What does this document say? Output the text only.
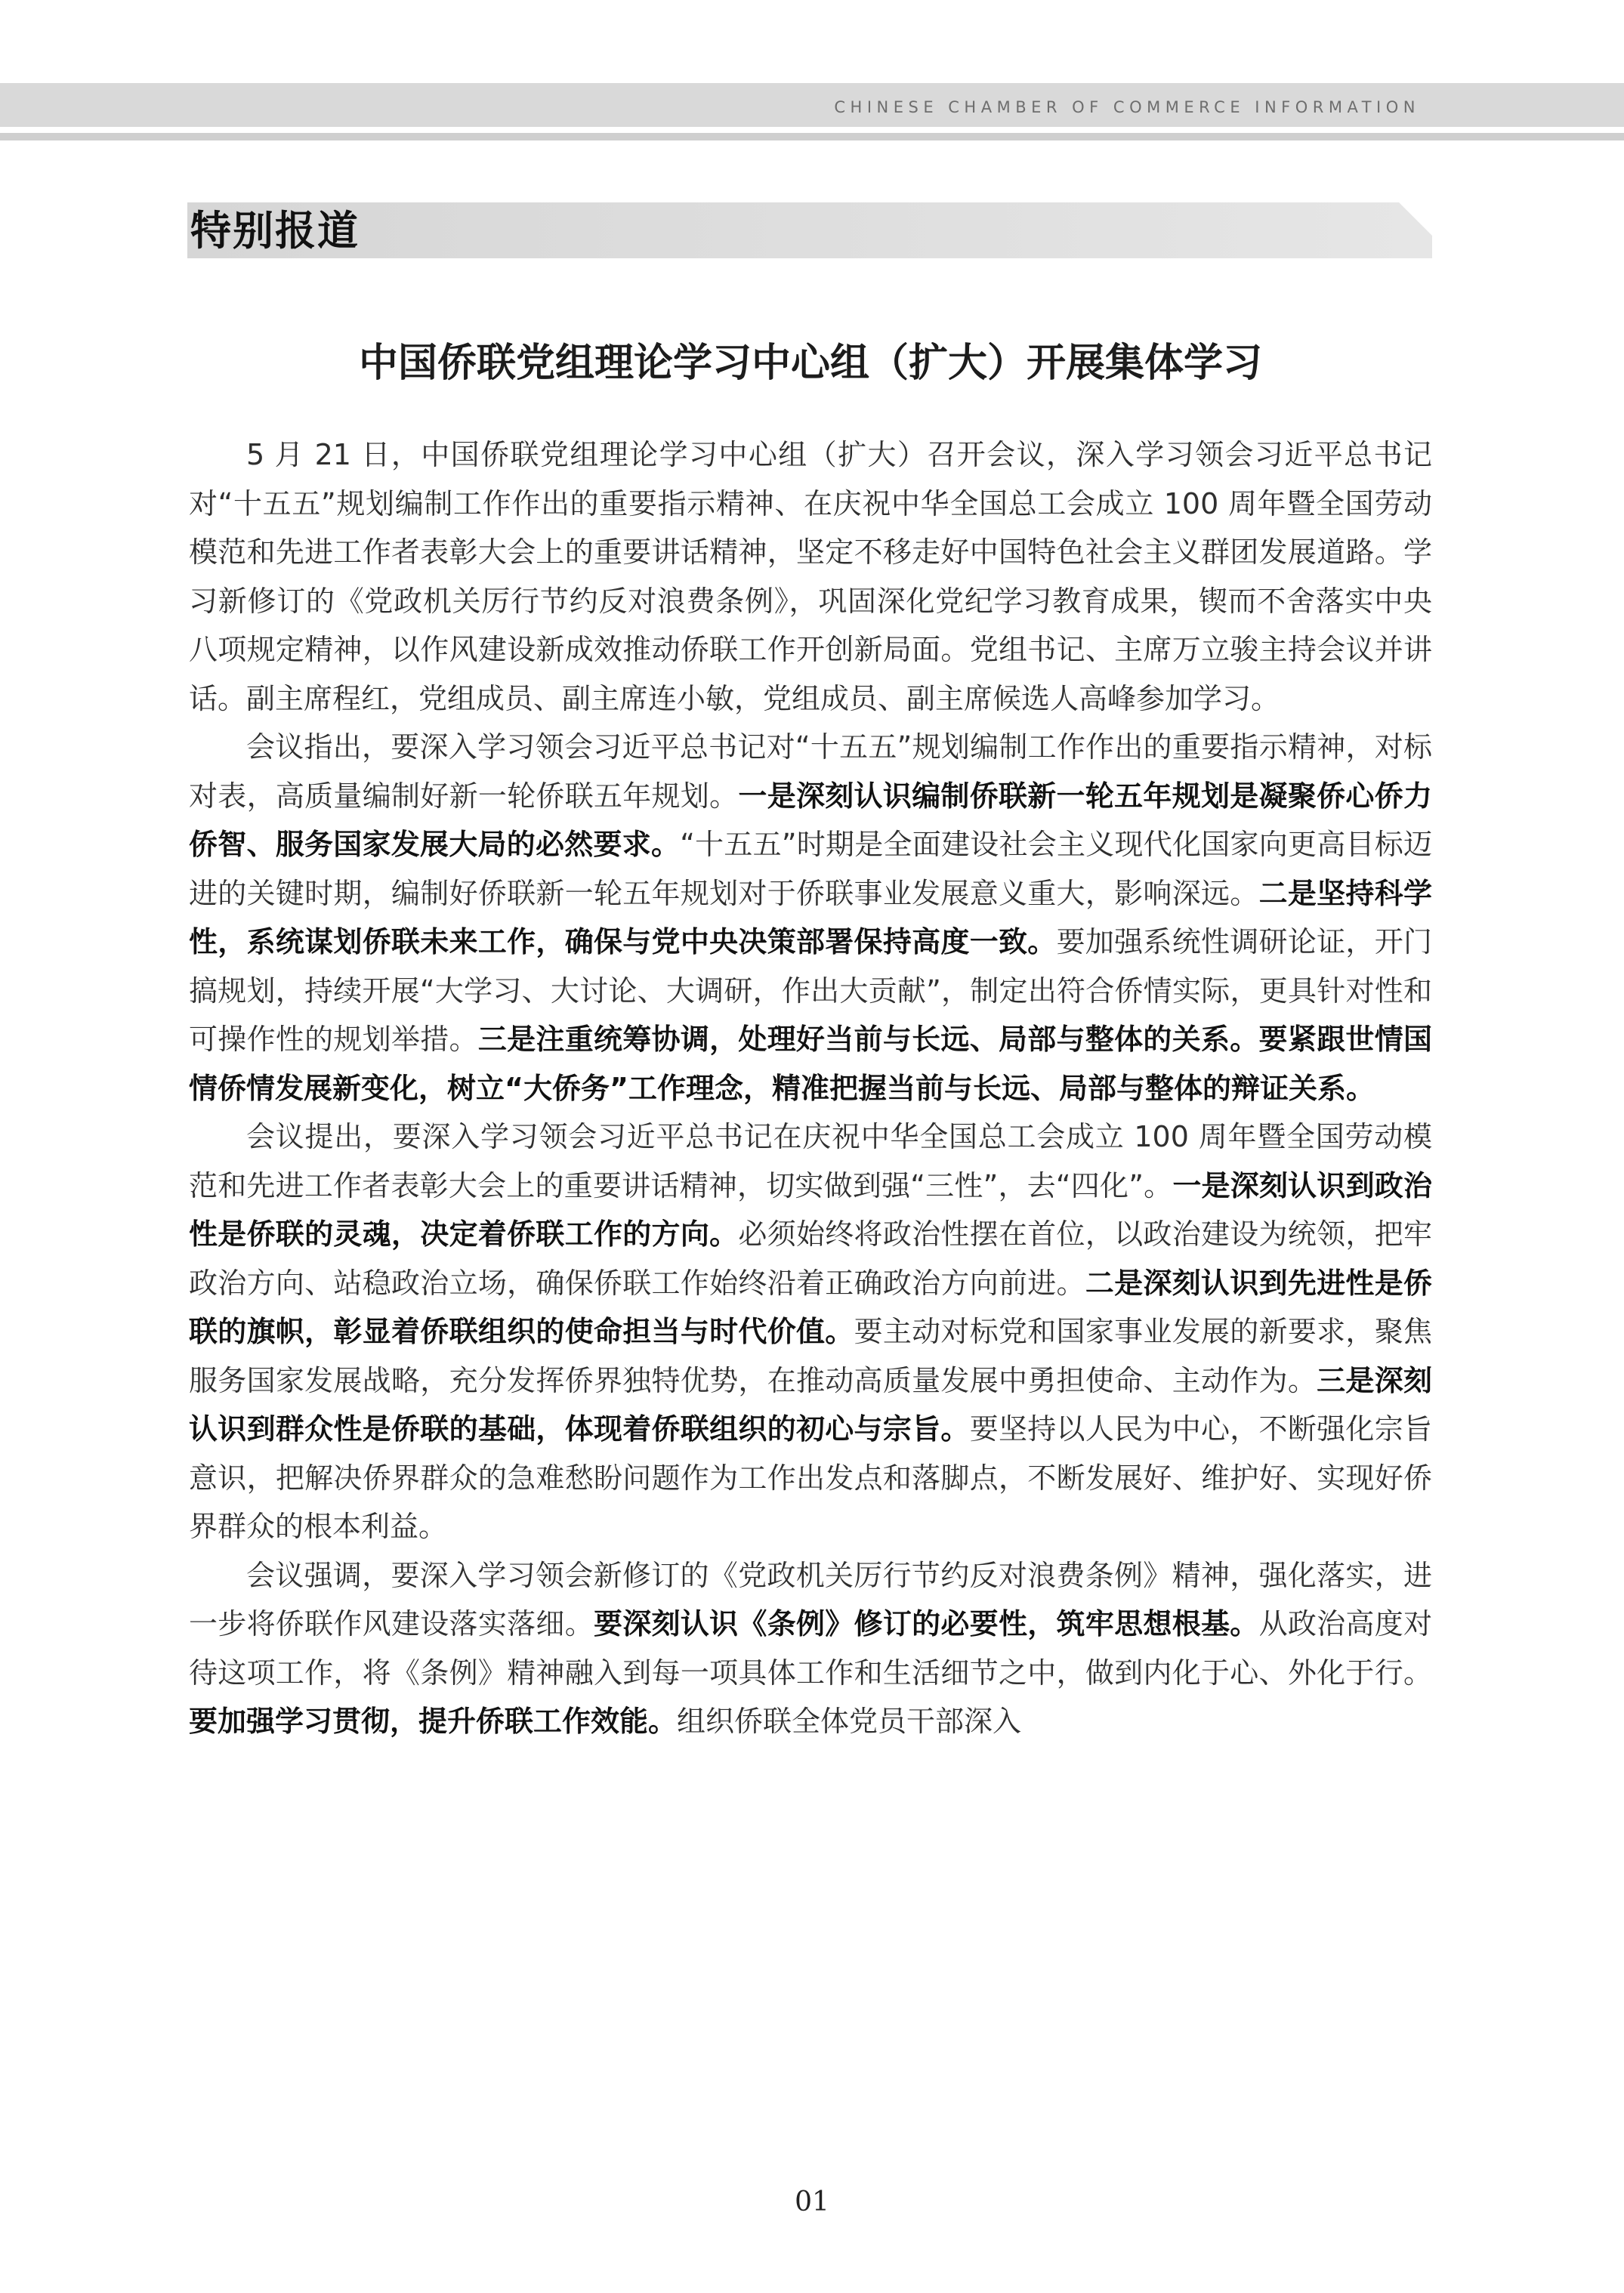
CHINESE CHAMBER OF COMMERCE INFORMATION
特别报道
中国侨联党组理论学习中心组（扩大）开展集体学习

5 月 21 日，中国侨联党组理论学习中心组（扩大）召开会议，深入学习领会习近平总书记对“十五五”规划编制工作作出的重要指示精神、在庆祝中华全国总工会成立 100 周年暨全国劳动模范和先进工作者表彰大会上的重要讲话精神，坚定不移走好中国特色社会主义群团发展道路。学习新修订的《党政机关厉行节约反对浪费条例》，巩固深化党纪学习教育成果，锲而不舍落实中央八项规定精神，以作风建设新成效推动侨联工作开创新局面。党组书记、主席万立骏主持会议并讲话。副主席程红，党组成员、副主席连小敏，党组成员、副主席候选人高峰参加学习。

会议指出，要深入学习领会习近平总书记对“十五五”规划编制工作作出的重要指示精神，对标对表，高质量编制好新一轮侨联五年规划。一是深刻认识编制侨联新一轮五年规划是凝聚侨心侨力侨智、服务国家发展大局的必然要求。“十五五”时期是全面建设社会主义现代化国家向更高目标迈进的关键时期，编制好侨联新一轮五年规划对于侨联事业发展意义重大，影响深远。二是坚持科学性，系统谋划侨联未来工作，确保与党中央决策部署保持高度一致。要加强系统性调研论证，开门搞规划，持续开展“大学习、大讨论、大调研，作出大贡献”，制定出符合侨情实际，更具针对性和可操作性的规划举措。三是注重统筹协调，处理好当前与长远、局部与整体的关系。要紧跟世情国情侨情发展新变化，树立“大侨务”工作理念，精准把握当前与长远、局部与整体的辩证关系。

会议提出，要深入学习领会习近平总书记在庆祝中华全国总工会成立 100 周年暨全国劳动模范和先进工作者表彰大会上的重要讲话精神，切实做到强“三性”，去“四化”。一是深刻认识到政治性是侨联的灵魂，决定着侨联工作的方向。必须始终将政治性摆在首位，以政治建设为统领，把牢政治方向、站稳政治立场，确保侨联工作始终沿着正确政治方向前进。二是深刻认识到先进性是侨联的旗帜，彰显着侨联组织的使命担当与时代价值。要主动对标党和国家事业发展的新要求，聚焦服务国家发展战略，充分发挥侨界独特优势，在推动高质量发展中勇担使命、主动作为。三是深刻认识到群众性是侨联的基础，体现着侨联组织的初心与宗旨。要坚持以人民为中心，不断强化宗旨意识，把解决侨界群众的急难愁盼问题作为工作出发点和落脚点，不断发展好、维护好、实现好侨界群众的根本利益。

会议强调，要深入学习领会新修订的《党政机关厉行节约反对浪费条例》精神，强化落实，进一步将侨联作风建设落实落细。要深刻认识《条例》修订的必要性，筑牢思想根基。从政治高度对待这项工作，将《条例》精神融入到每一项具体工作和生活细节之中，做到内化于心、外化于行。要加强学习贯彻，提升侨联工作效能。组织侨联全体党员干部深入

01
